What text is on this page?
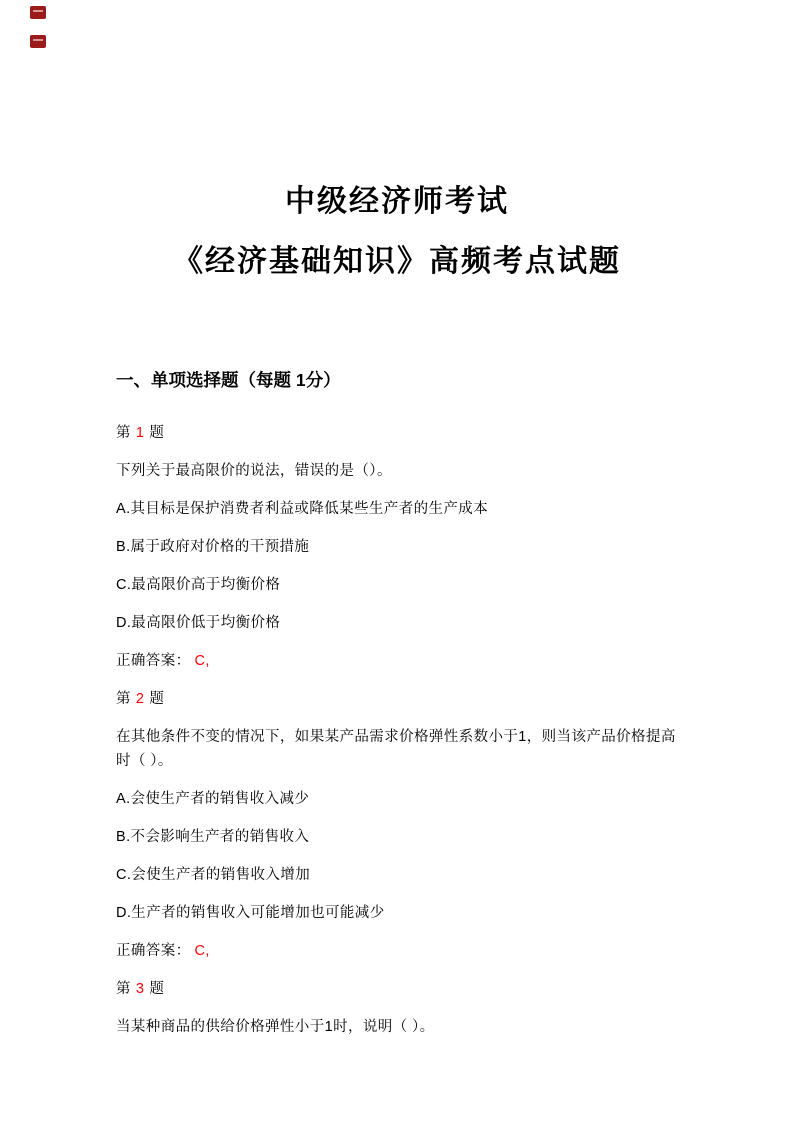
中级经济师考试
《经济基础知识》高频考点试题
一、单项选择题（每题 1分）

第 1 题

下列关于最高限价的说法，错误的是（）。

A.其目标是保护消费者利益或降低某些生产者的生产成本

B.属于政府对价格的干预措施

C.最高限价高于均衡价格

D.最高限价低于均衡价格

正确答案： C,

第 2 题

在其他条件不变的情况下，如果某产品需求价格弹性系数小于1，则当该产品价格提高时（ ）。

A.会使生产者的销售收入减少

B.不会影响生产者的销售收入

C.会使生产者的销售收入增加

D.生产者的销售收入可能增加也可能减少

正确答案： C,

第 3 题

当某种商品的供给价格弹性小于1时，说明（ ）。
